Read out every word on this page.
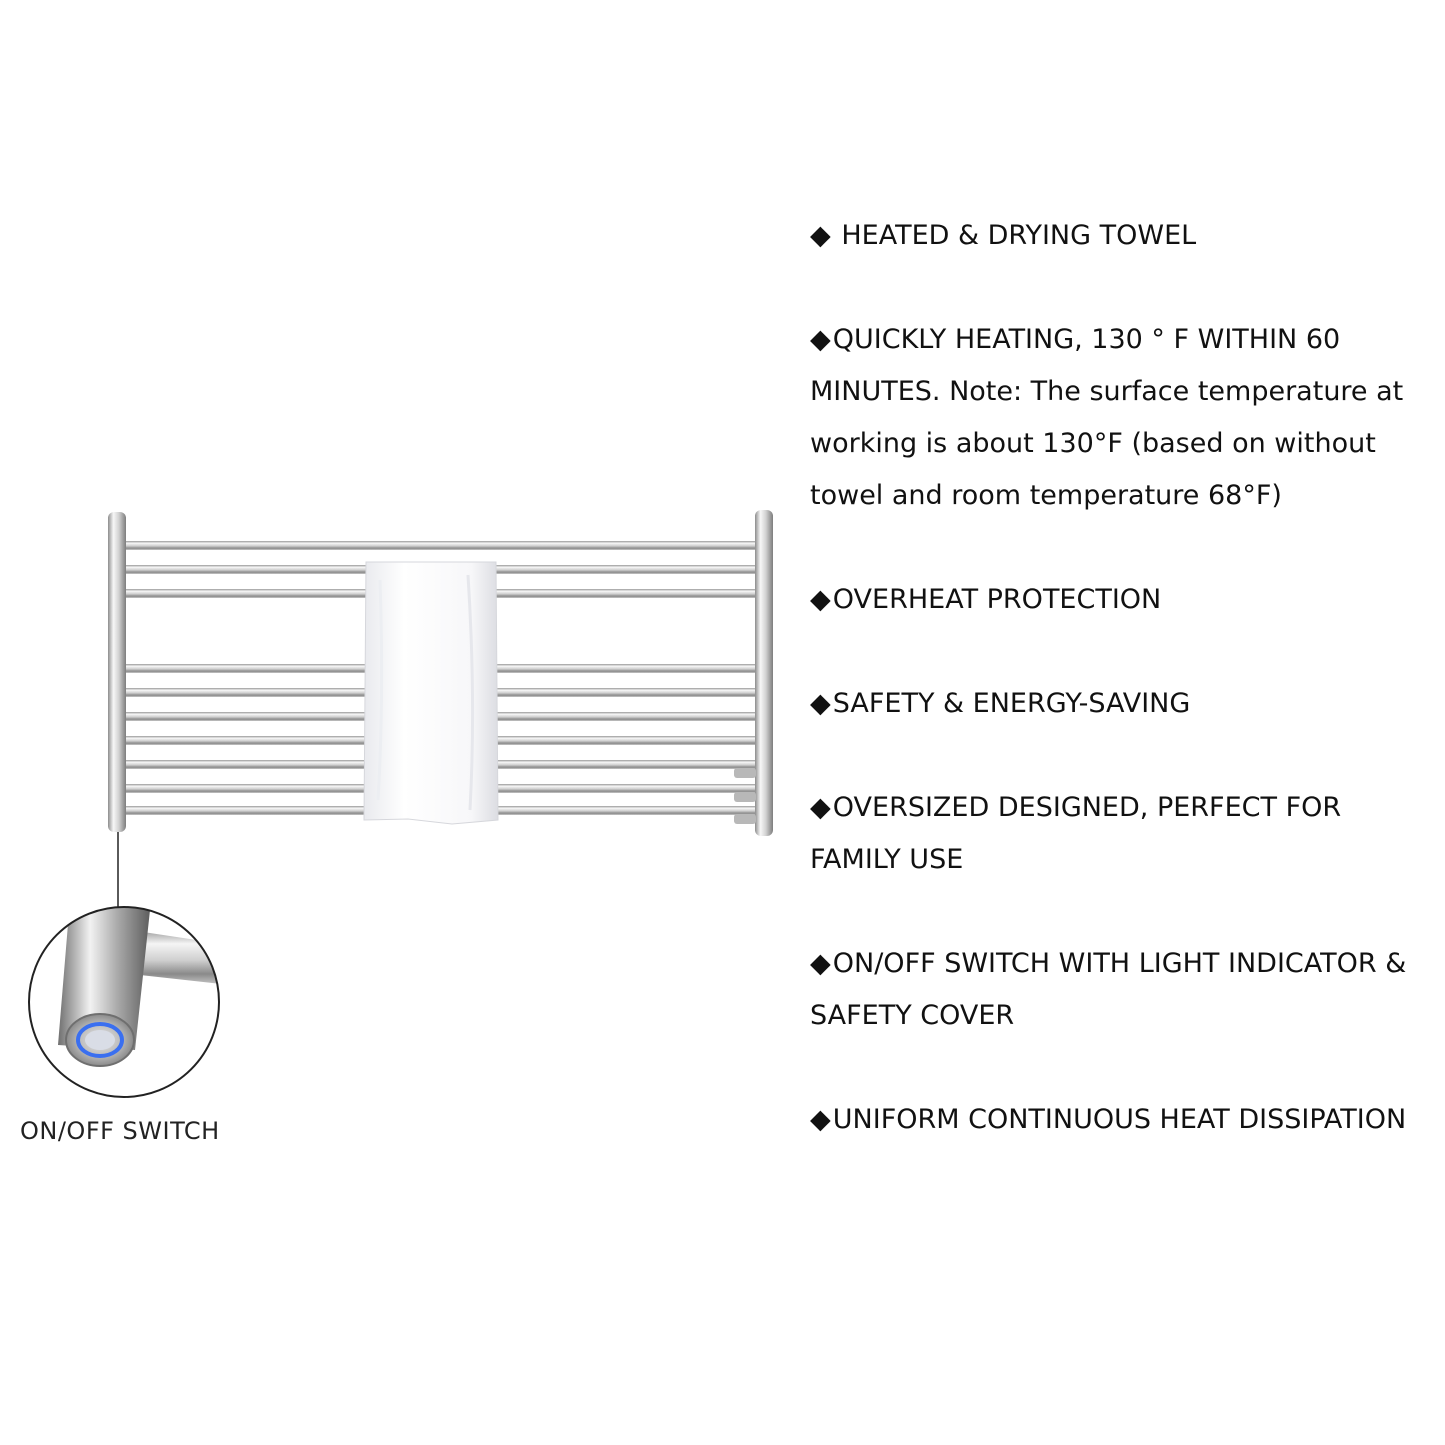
ON/OFF SWITCH
◆ HEATED & DRYING TOWEL
◆QUICKLY HEATING, 130 ° F WITHIN 60 MINUTES. Note: The surface temperature at working is about 130°F (based on without towel and room temperature 68°F)
◆OVERHEAT PROTECTION
◆SAFETY & ENERGY-SAVING
◆OVERSIZED DESIGNED, PERFECT FOR FAMILY USE
◆ON/OFF SWITCH WITH LIGHT INDICATOR & SAFETY COVER
◆UNIFORM CONTINUOUS HEAT DISSIPATION
